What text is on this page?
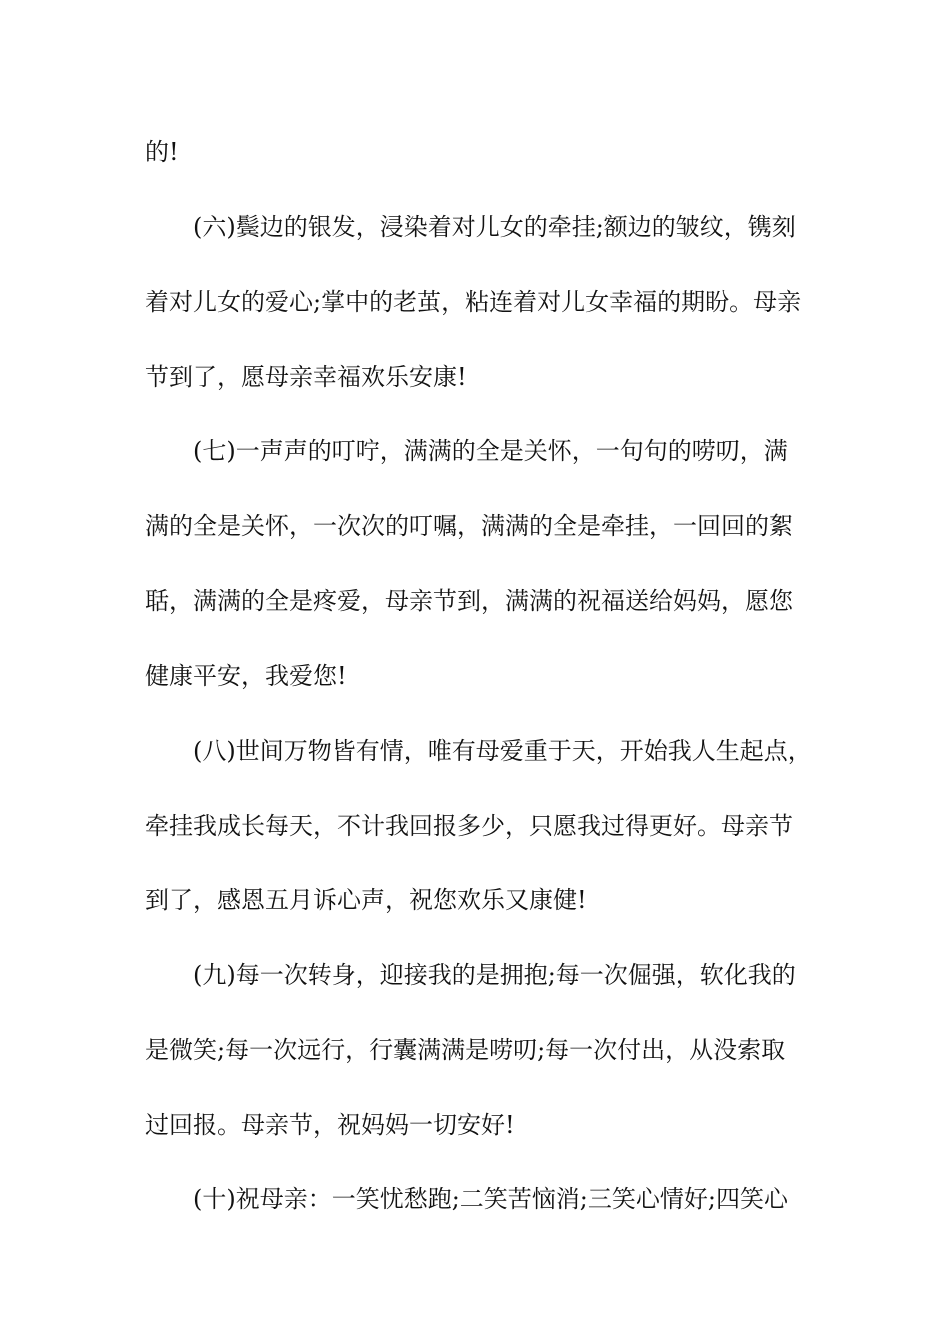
的!
(六)鬓边的银发，浸染着对儿女的牵挂;额边的皱纹，镌刻
着对儿女的爱心;掌中的老茧，粘连着对儿女幸福的期盼。母亲
节到了，愿母亲幸福欢乐安康!
(七)一声声的叮咛，满满的全是关怀，一句句的唠叨，满
满的全是关怀，一次次的叮嘱，满满的全是牵挂，一回回的絮
聒，满满的全是疼爱，母亲节到，满满的祝福送给妈妈，愿您
健康平安，我爱您!
(八)世间万物皆有情，唯有母爱重于天，开始我人生起点，
牵挂我成长每天，不计我回报多少，只愿我过得更好。母亲节
到了，感恩五月诉心声，祝您欢乐又康健!
(九)每一次转身，迎接我的是拥抱;每一次倔强，软化我的
是微笑;每一次远行，行囊满满是唠叨;每一次付出，从没索取
过回报。母亲节，祝妈妈一切安好!
(十)祝母亲：一笑忧愁跑;二笑苦恼消;三笑心情好;四笑心
